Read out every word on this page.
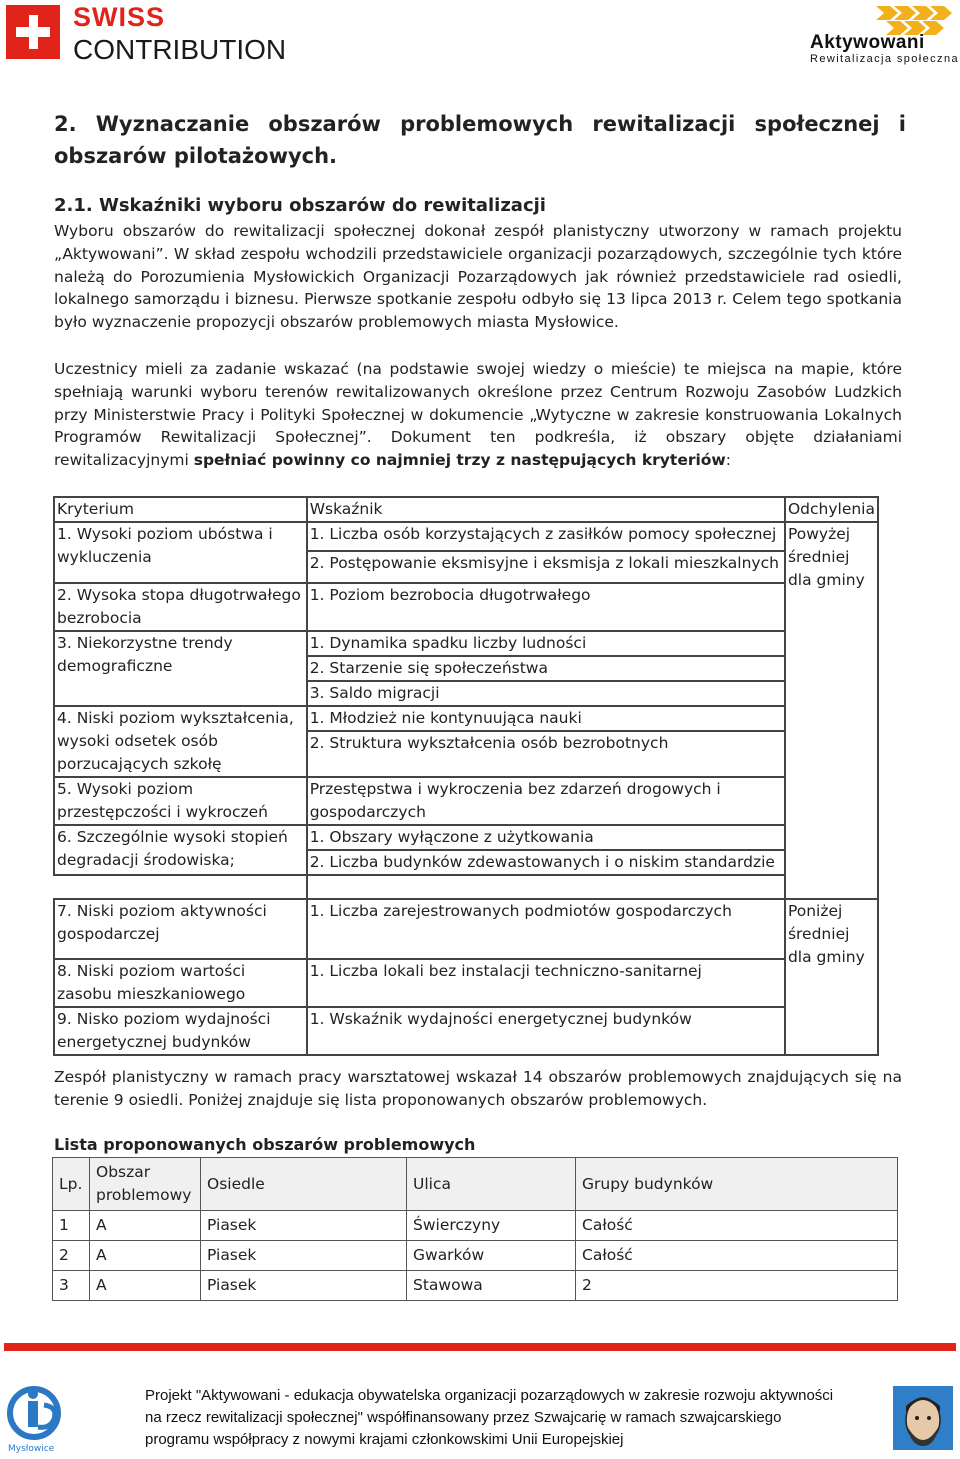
SWISS
CONTRIBUTION	Aktywowani
Rewitalizacja społeczna
2. Wyznaczanie obszarów problemowych rewitalizacji społecznej i obszarów pilotażowych.
2.1. Wskaźniki wyboru obszarów do rewitalizacji

Wyboru obszarów do rewitalizacji społecznej dokonał zespół planistyczny utworzony w ramach projektu „Aktywowani”. W skład zespołu wchodzili przedstawiciele organizacji pozarządowych, szczególnie tych które należą do Porozumienia Mysłowickich Organizacji Pozarządowych jak również przedstawiciele rad osiedli, lokalnego samorządu i biznesu. Pierwsze spotkanie zespołu odbyło się 13 lipca 2013 r. Celem tego spotkania było wyznaczenie propozycji obszarów problemowych miasta Mysłowice.

Uczestnicy mieli za zadanie wskazać (na podstawie swojej wiedzy o mieście) te miejsca na mapie, które spełniają warunki wyboru terenów rewitalizowanych określone przez Centrum Rozwoju Zasobów Ludzkich przy Ministerstwie Pracy i Polityki Społecznej w dokumencie „Wytyczne w zakresie konstruowania Lokalnych Programów Rewitalizacji Społecznej”. Dokument ten podkreśla, iż obszary objęte działaniami rewitalizacyjnymi spełniać powinny co najmniej trzy z następujących kryteriów:

Kryterium	Wskaźnik	Odchylenia
1. Wysoki poziom ubóstwa i wykluczenia	1. Liczba osób korzystających z zasiłków pomocy społecznej	Powyżej średniej dla gminy
	2. Postępowanie eksmisyjne i eksmisja z lokali mieszkalnych	
2. Wysoka stopa długotrwałego bezrobocia	1. Poziom bezrobocia długotrwałego	
3. Niekorzystne trendy demograficzne	1. Dynamika spadku liczby ludności	
	2. Starzenie się społeczeństwa	
	3. Saldo migracji	
4. Niski poziom wykształcenia, wysoki odsetek osób porzucających szkołę	1. Młodzież nie kontynuująca nauki	
	2. Struktura wykształcenia osób bezrobotnych	
5. Wysoki poziom przestępczości i wykroczeń	Przestępstwa i wykroczenia bez zdarzeń drogowych i gospodarczych	
6. Szczególnie wysoki stopień degradacji środowiska;	1. Obszary wyłączone z użytkowania	
	2. Liczba budynków zdewastowanych i o niskim standardzie	

7. Niski poziom aktywności gospodarczej	1. Liczba zarejestrowanych podmiotów gospodarczych	Poniżej średniej dla gminy
8. Niski poziom wartości zasobu mieszkaniowego	1. Liczba lokali bez instalacji techniczno-sanitarnej	
9. Nisko poziom wydajności energetycznej budynków	1. Wskaźnik wydajności energetycznej budynków	

Zespół planistyczny w ramach pracy warsztatowej wskazał 14 obszarów problemowych znajdujących się na terenie 9 osiedli. Poniżej znajduje się lista proponowanych obszarów problemowych.

Lista proponowanych obszarów problemowych
Lp.	Obszar problemowy	Osiedle	Ulica	Grupy budynków
1	A	Piasek	Świerczyny	Całość
2	A	Piasek	Gwarków	Całość
3	A	Piasek	Stawowa	2
Mysłowice
Projekt "Aktywowani - edukacja obywatelska organizacji pozarządowych w zakresie rozwoju aktywności na rzecz rewitalizacji społecznej" współfinansowany przez Szwajcarię w ramach szwajcarskiego programu współpracy z nowymi krajami członkowskimi Unii Europejskiej
